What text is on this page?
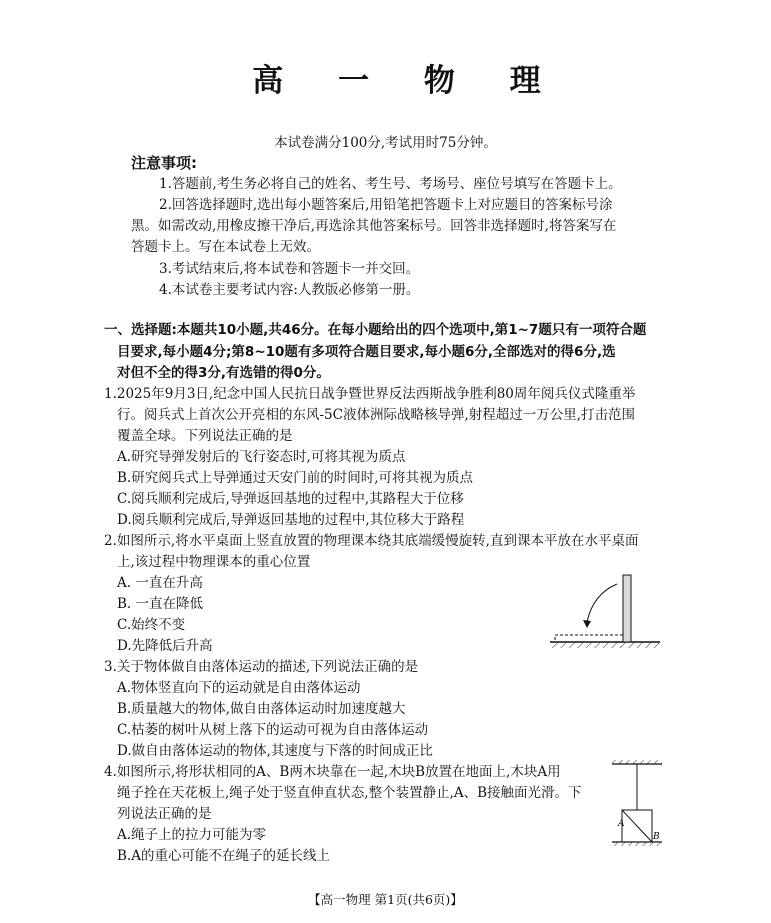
高 一 物 理
本试卷满分100分,考试用时75分钟。
注意事项:
1.答题前,考生务必将自己的姓名、考生号、考场号、座位号填写在答题卡上。
2.回答选择题时,选出每小题答案后,用铅笔把答题卡上对应题目的答案标号涂
黑。如需改动,用橡皮擦干净后,再选涂其他答案标号。回答非选择题时,将答案写在
答题卡上。写在本试卷上无效。
3.考试结束后,将本试卷和答题卡一并交回。
4.本试卷主要考试内容:人教版必修第一册。
一、选择题:本题共10小题,共46分。在每小题给出的四个选项中,第1~7题只有一项符合题
目要求,每小题4分;第8~10题有多项符合题目要求,每小题6分,全部选对的得6分,选
对但不全的得3分,有选错的得0分。
1.2025年9月3日,纪念中国人民抗日战争暨世界反法西斯战争胜利80周年阅兵仪式隆重举
行。阅兵式上首次公开亮相的东风-5C液体洲际战略核导弹,射程超过一万公里,打击范围
覆盖全球。下列说法正确的是
A.研究导弹发射后的飞行姿态时,可将其视为质点
B.研究阅兵式上导弹通过天安门前的时间时,可将其视为质点
C.阅兵顺利完成后,导弹返回基地的过程中,其路程大于位移
D.阅兵顺利完成后,导弹返回基地的过程中,其位移大于路程
2.如图所示,将水平桌面上竖直放置的物理课本绕其底端缓慢旋转,直到课本平放在水平桌面
上,该过程中物理课本的重心位置
A. 一直在升高
B. 一直在降低
C.始终不变
D.先降低后升高
3.关于物体做自由落体运动的描述,下列说法正确的是
A.物体竖直向下的运动就是自由落体运动
B.质量越大的物体,做自由落体运动时加速度越大
C.枯萎的树叶从树上落下的运动可视为自由落体运动
D.做自由落体运动的物体,其速度与下落的时间成正比
4.如图所示,将形状相同的A、B两木块靠在一起,木块B放置在地面上,木块A用
绳子拴在天花板上,绳子处于竖直伸直状态,整个装置静止,A、B接触面光滑。下
列说法正确的是
A.绳子上的拉力可能为零
B.A的重心可能不在绳子的延长线上
A
B
【高一物理 第1页(共6页)】
